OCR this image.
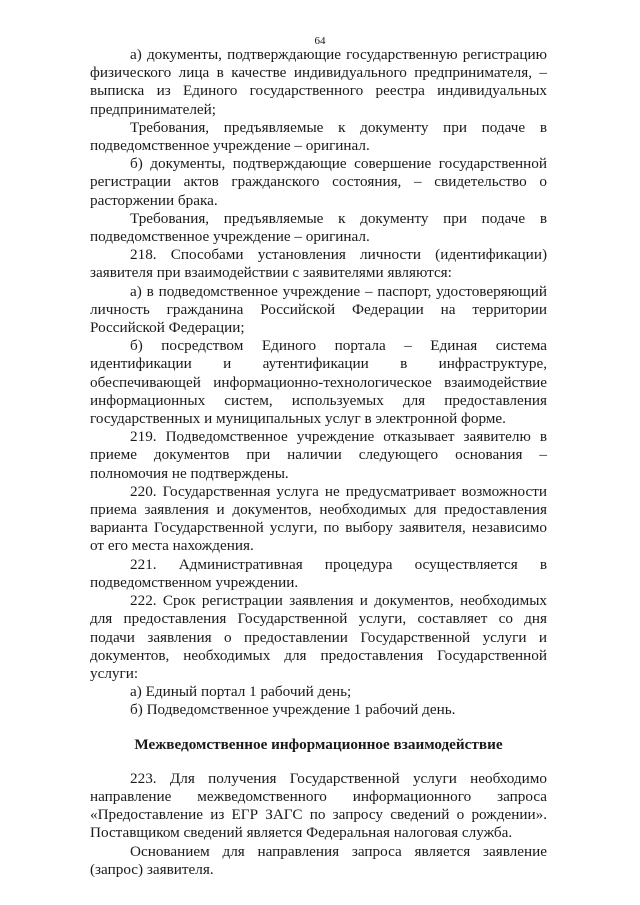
64

а) документы, подтверждающие государственную регистрацию физического лица в качестве индивидуального предпринимателя, – выписка из Единого государственного реестра индивидуальных предпринимателей;

Требования, предъявляемые к документу при подаче в подведомственное учреждение – оригинал.

б) документы, подтверждающие совершение государственной регистрации актов гражданского состояния, – свидетельство о расторжении брака.

Требования, предъявляемые к документу при подаче в подведомственное учреждение – оригинал.

218. Способами установления личности (идентификации) заявителя при взаимодействии с заявителями являются:

а) в подведомственное учреждение – паспорт, удостоверяющий личность гражданина Российской Федерации на территории Российской Федерации;

б) посредством Единого портала – Единая система идентификации и аутентификации в инфраструктуре, обеспечивающей информационно-технологическое взаимодействие информационных систем, используемых для предоставления государственных и муниципальных услуг в электронной форме.

219. Подведомственное учреждение отказывает заявителю в приеме документов при наличии следующего основания – полномочия не подтверждены.

220. Государственная услуга не предусматривает возможности приема заявления и документов, необходимых для предоставления варианта Государственной услуги, по выбору заявителя, независимо от его места нахождения.

221. Административная процедура осуществляется в подведомственном учреждении.

222. Срок регистрации заявления и документов, необходимых для предоставления Государственной услуги, составляет со дня подачи заявления о предоставлении Государственной услуги и документов, необходимых для предоставления Государственной услуги:

а) Единый портал 1 рабочий день;

б) Подведомственное учреждение 1 рабочий день.

Межведомственное информационное взаимодействие

223. Для получения Государственной услуги необходимо направление межведомственного информационного запроса «Предоставление из ЕГР ЗАГС по запросу сведений о рождении». Поставщиком сведений является Федеральная налоговая служба.

Основанием для направления запроса является заявление (запрос) заявителя.
